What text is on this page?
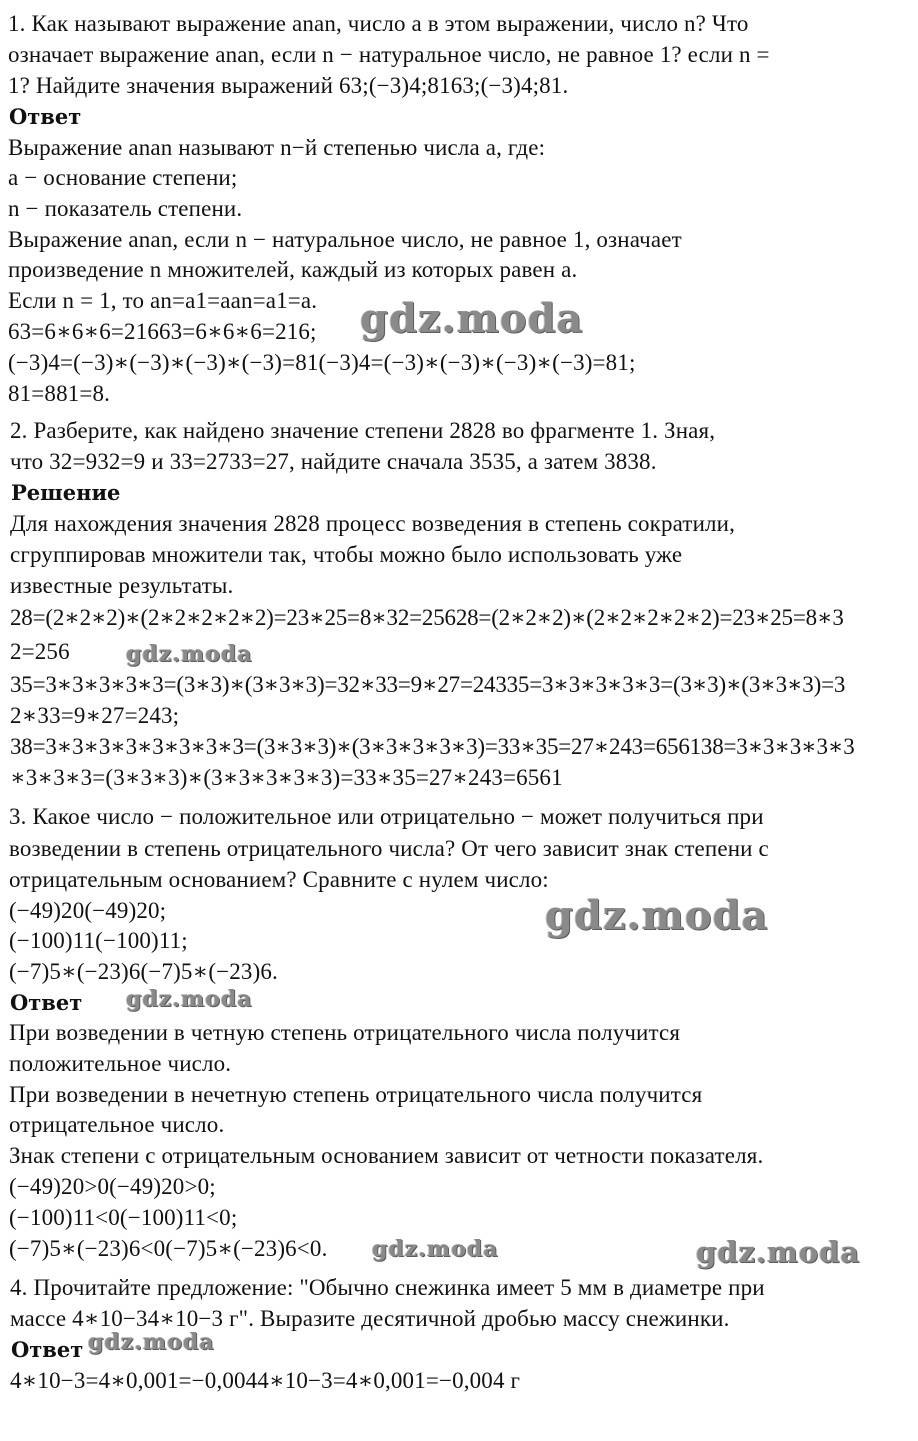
1. Как называют выражение anan, число a в этом выражении, число n? Что
означает выражение anan, если n − натуральное число, не равное 1? если n =
1? Найдите значения выражений 63;(−3)4;8163;(−3)4;81.
Ответ
Выражение anan называют n−й степенью числа a, где:
a − основание степени;
n − показатель степени.
Выражение anan, если n − натуральное число, не равное 1, означает
произведение n множителей, каждый из которых равен a.
Если n = 1, то an=a1=aan=a1=a.
63=6∗6∗6=21663=6∗6∗6=216;
(−3)4=(−3)∗(−3)∗(−3)∗(−3)=81(−3)4=(−3)∗(−3)∗(−3)∗(−3)=81;
81=881=8.
2. Разберите, как найдено значение степени 2828 во фрагменте 1. Зная,
что 32=932=9 и 33=2733=27, найдите сначала 3535, а затем 3838.
Решение
Для нахождения значения 2828 процесс возведения в степень сократили,
сгруппировав множители так, чтобы можно было использовать уже
известные результаты.
28=(2∗2∗2)∗(2∗2∗2∗2∗2)=23∗25=8∗32=25628=(2∗2∗2)∗(2∗2∗2∗2∗2)=23∗25=8∗3
2=256
35=3∗3∗3∗3∗3=(3∗3)∗(3∗3∗3)=32∗33=9∗27=24335=3∗3∗3∗3∗3=(3∗3)∗(3∗3∗3)=3
2∗33=9∗27=243;
38=3∗3∗3∗3∗3∗3∗3∗3=(3∗3∗3)∗(3∗3∗3∗3∗3)=33∗35=27∗243=656138=3∗3∗3∗3∗3
∗3∗3∗3=(3∗3∗3)∗(3∗3∗3∗3∗3)=33∗35=27∗243=6561
3. Какое число − положительное или отрицательно − может получиться при
возведении в степень отрицательного числа? От чего зависит знак степени с
отрицательным основанием? Сравните с нулем число:
(−49)20(−49)20;
(−100)11(−100)11;
(−7)5∗(−23)6(−7)5∗(−23)6.
Ответ
При возведении в четную степень отрицательного числа получится
положительное число.
При возведении в нечетную степень отрицательного числа получится
отрицательное число.
Знак степени с отрицательным основанием зависит от четности показателя.
(−49)20>0(−49)20>0;
(−100)11<0(−100)11<0;
(−7)5∗(−23)6<0(−7)5∗(−23)6<0.
4. Прочитайте предложение: "Обычно снежинка имеет 5 мм в диаметре при
массе 4∗10−34∗10−3 г". Выразите десятичной дробью массу снежинки.
Ответ
4∗10−3=4∗0,001=−0,0044∗10−3=4∗0,001=−0,004 г
gdz.moda
gdz.moda
gdz.moda
gdz.moda
gdz.moda	gdz.moda
gdz.moda
